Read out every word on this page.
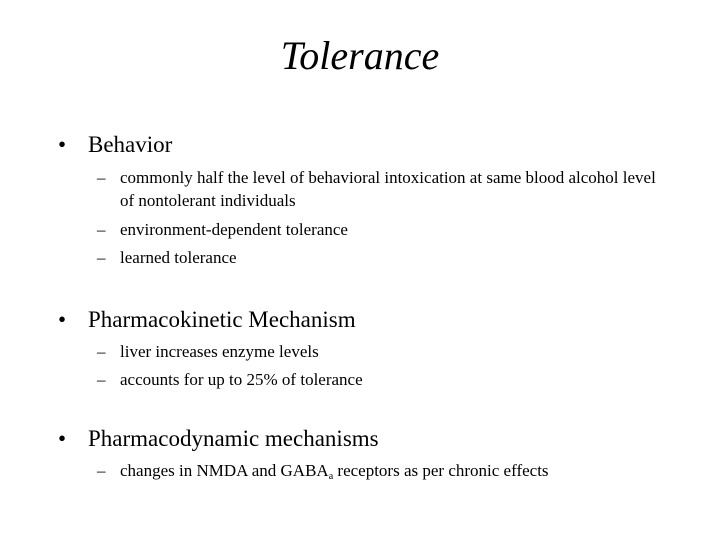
Tolerance
• Behavior
– commonly half the level of behavioral intoxication at same blood alcohol level of nontolerant individuals
– environment-dependent tolerance
– learned tolerance
• Pharmacokinetic Mechanism
– liver increases enzyme levels
– accounts for up to 25% of tolerance
• Pharmacodynamic mechanisms
– changes in NMDA and $GABA_a$ receptors as per chronic effects
